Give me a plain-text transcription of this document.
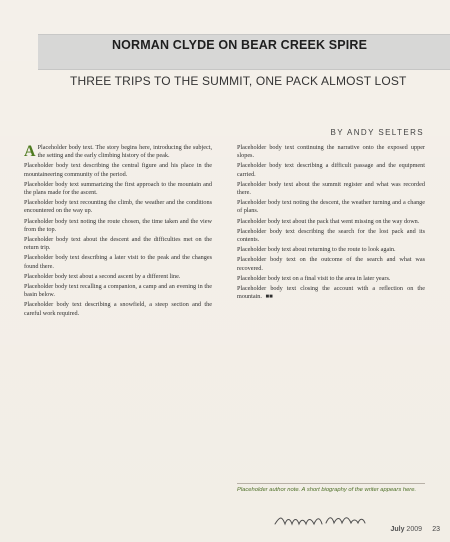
NORMAN CLYDE ON BEAR CREEK SPIRE
THREE TRIPS TO THE SUMMIT, ONE PACK ALMOST LOST
BY ANDY SELTERS

A Placeholder body text. The story begins here, introducing the subject, the setting and the early climbing history of the peak.

Placeholder body text describing the central figure and his place in the mountaineering community of the period.

Placeholder body text summarizing the first approach to the mountain and the plans made for the ascent.

Placeholder body text recounting the climb, the weather and the conditions encountered on the way up.

Placeholder body text noting the route chosen, the time taken and the view from the top.

Placeholder body text about the descent and the difficulties met on the return trip.

Placeholder body text describing a later visit to the peak and the changes found there.

Placeholder body text about a second ascent by a different line.

Placeholder body text recalling a companion, a camp and an evening in the basin below.

Placeholder body text describing a snowfield, a steep section and the careful work required.

Placeholder body text continuing the narrative onto the exposed upper slopes.

Placeholder body text describing a difficult passage and the equipment carried.

Placeholder body text about the summit register and what was recorded there.

Placeholder body text noting the descent, the weather turning and a change of plans.

Placeholder body text about the pack that went missing on the way down.

Placeholder body text describing the search for the lost pack and its contents.

Placeholder body text about returning to the route to look again.

Placeholder body text on the outcome of the search and what was recovered.

Placeholder body text on a final visit to the area in later years.

Placeholder body text closing the account with a reflection on the mountain. ■■

Placeholder author note. A short biography of the writer appears here.
July 2009 23
